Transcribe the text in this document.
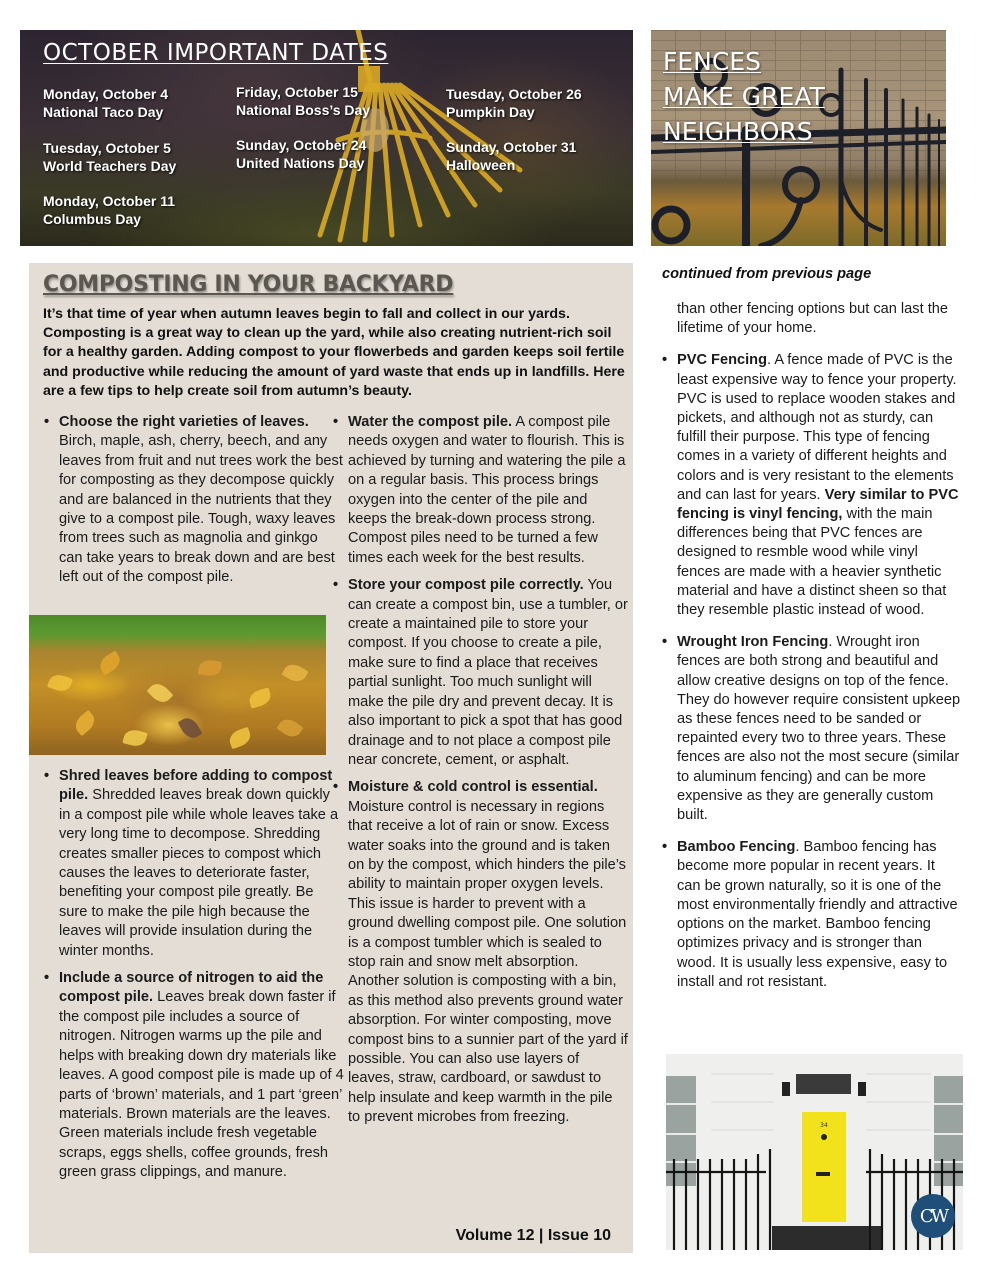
OCTOBER IMPORTANT DATES
Monday, October 4
National Taco Day
Tuesday, October 5
World Teachers Day
Monday, October 11
Columbus Day
Friday, October 15
National Boss’s Day
Sunday, October 24
United Nations Day
Tuesday, October 26
Pumpkin Day
Sunday, October 31
Halloween
FENCES
MAKE GREAT
NEIGHBORS
COMPOSTING IN YOUR BACKYARD

It’s that time of year when autumn leaves begin to fall and collect in our yards. Composting is a great way to clean up the yard, while also creating nutrient-rich soil for a healthy garden. Adding compost to your flowerbeds and garden keeps soil fertile and productive while reducing the amount of yard waste that ends up in landfills. Here are a few tips to help create soil from autumn’s beauty.

• Choose the right varieties of leaves. Birch, maple, ash, cherry, beech, and any leaves from fruit and nut trees work the best for composting as they decompose quickly and are balanced in the nutrients that they give to a compost pile. Tough, waxy leaves from trees such as magnolia and ginkgo can take years to break down and are best left out of the compost pile.
• Shred leaves before adding to compost pile. Shredded leaves break down quickly in a compost pile while whole leaves take a very long time to decompose. Shredding creates smaller pieces to compost which causes the leaves to deteriorate faster, benefiting your compost pile greatly. Be sure to make the pile high because the leaves will provide insulation during the winter months.
• Include a source of nitrogen to aid the compost pile. Leaves break down faster if the compost pile includes a source of nitrogen. Nitrogen warms up the pile and helps with breaking down dry materials like leaves. A good compost pile is made up of 4 parts of ‘brown’ materials, and 1 part ‘green’ materials. Brown materials are the leaves. Green materials include fresh vegetable scraps, eggs shells, coffee grounds, fresh green grass clippings, and manure.
• Water the compost pile. A compost pile needs oxygen and water to flourish. This is achieved by turning and watering the pile a on a regular basis. This process brings oxygen into the center of the pile and keeps the break-down process strong. Compost piles need to be turned a few times each week for the best results.
• Store your compost pile correctly. You can create a compost bin, use a tumbler, or create a maintained pile to store your compost. If you choose to create a pile, make sure to find a place that receives partial sunlight. Too much sunlight will make the pile dry and prevent decay. It is also important to pick a spot that has good drainage and to not place a compost pile near concrete, cement, or asphalt.
• Moisture & cold control is essential. Moisture control is necessary in regions that receive a lot of rain or snow. Excess water soaks into the ground and is taken on by the compost, which hinders the pile’s ability to maintain proper oxygen levels. This issue is harder to prevent with a ground dwelling compost pile. One solution is a compost tumbler which is sealed to stop rain and snow melt absorption. Another solution is composting with a bin, as this method also prevents ground water absorption. For winter composting, move compost bins to a sunnier part of the yard if possible. You can also use layers of leaves, straw, cardboard, or sawdust to help insulate and keep warmth in the pile to prevent microbes from freezing.

Volume 12 | Issue 10

continued from previous page

than other fencing options but can last the lifetime of your home.

• PVC Fencing. A fence made of PVC is the least expensive way to fence your property. PVC is used to replace wooden stakes and pickets, and although not as sturdy, can fulfill their purpose. This type of fencing comes in a variety of different heights and colors and is very resistant to the elements and can last for years. Very similar to PVC fencing is vinyl fencing, with the main differences being that PVC fences are designed to resmble wood while vinyl fences are made with a heavier synthetic material and have a distinct sheen so that they resemble plastic instead of wood.
• Wrought Iron Fencing. Wrought iron fences are both strong and beautiful and allow creative designs on top of the fence. They do however require consistent upkeep as these fences need to be sanded or repainted every two to three years. These fences are also not the most secure (similar to aluminum fencing) and can be more expensive as they are generally custom built.
• Bamboo Fencing. Bamboo fencing has become more popular in recent years. It can be grown naturally, so it is one of the most environmentally friendly and attractive options on the market. Bamboo fencing optimizes privacy and is stronger than wood. It is usually less expensive, easy to install and rot resistant.
34
CW
